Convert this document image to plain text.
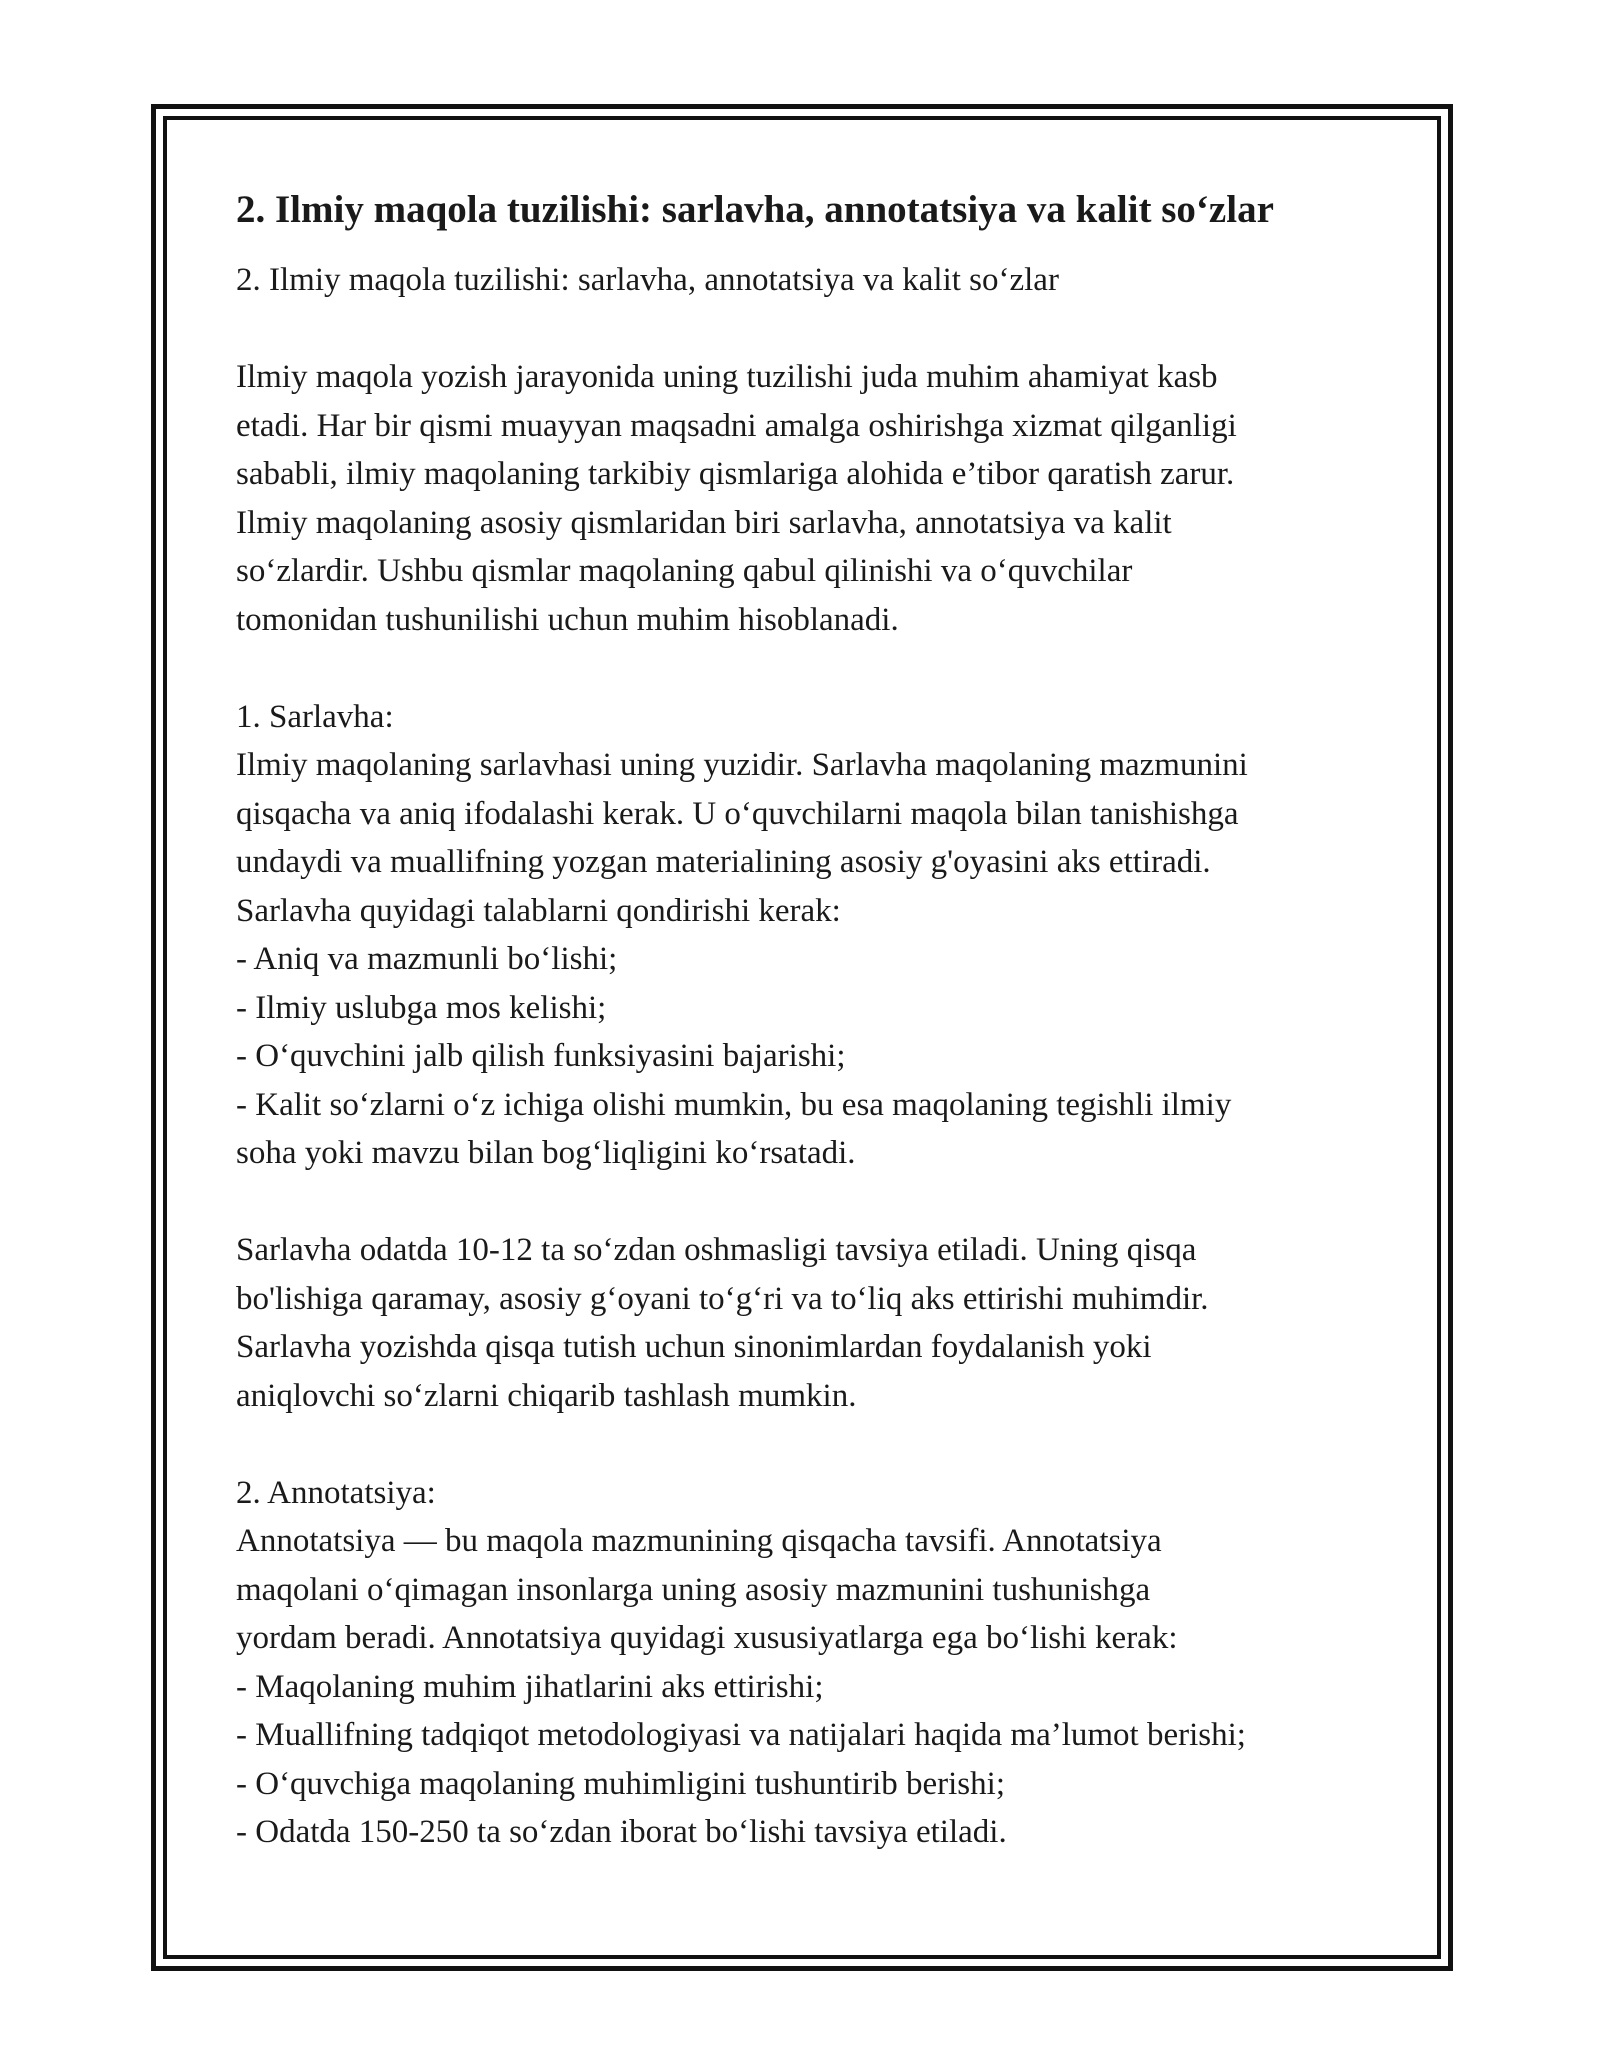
2. Ilmiy maqola tuzilishi: sarlavha, annotatsiya va kalit so‘zlar
2. Ilmiy maqola tuzilishi: sarlavha, annotatsiya va kalit so‘zlar
Ilmiy maqola yozish jarayonida uning tuzilishi juda muhim ahamiyat kasb
etadi. Har bir qismi muayyan maqsadni amalga oshirishga xizmat qilganligi
sababli, ilmiy maqolaning tarkibiy qismlariga alohida e’tibor qaratish zarur.
Ilmiy maqolaning asosiy qismlaridan biri sarlavha, annotatsiya va kalit
so‘zlardir. Ushbu qismlar maqolaning qabul qilinishi va o‘quvchilar
tomonidan tushunilishi uchun muhim hisoblanadi.
1. Sarlavha:
Ilmiy maqolaning sarlavhasi uning yuzidir. Sarlavha maqolaning mazmunini
qisqacha va aniq ifodalashi kerak. U o‘quvchilarni maqola bilan tanishishga
undaydi va muallifning yozgan materialining asosiy g'oyasini aks ettiradi.
Sarlavha quyidagi talablarni qondirishi kerak:
- Aniq va mazmunli bo‘lishi;
- Ilmiy uslubga mos kelishi;
- O‘quvchini jalb qilish funksiyasini bajarishi;
- Kalit so‘zlarni o‘z ichiga olishi mumkin, bu esa maqolaning tegishli ilmiy
soha yoki mavzu bilan bog‘liqligini ko‘rsatadi.
Sarlavha odatda 10-12 ta so‘zdan oshmasligi tavsiya etiladi. Uning qisqa
bo'lishiga qaramay, asosiy g‘oyani to‘g‘ri va to‘liq aks ettirishi muhimdir.
Sarlavha yozishda qisqa tutish uchun sinonimlardan foydalanish yoki
aniqlovchi so‘zlarni chiqarib tashlash mumkin.
2. Annotatsiya:
Annotatsiya — bu maqola mazmunining qisqacha tavsifi. Annotatsiya
maqolani o‘qimagan insonlarga uning asosiy mazmunini tushunishga
yordam beradi. Annotatsiya quyidagi xususiyatlarga ega bo‘lishi kerak:
- Maqolaning muhim jihatlarini aks ettirishi;
- Muallifning tadqiqot metodologiyasi va natijalari haqida ma’lumot berishi;
- O‘quvchiga maqolaning muhimligini tushuntirib berishi;
- Odatda 150-250 ta so‘zdan iborat bo‘lishi tavsiya etiladi.
